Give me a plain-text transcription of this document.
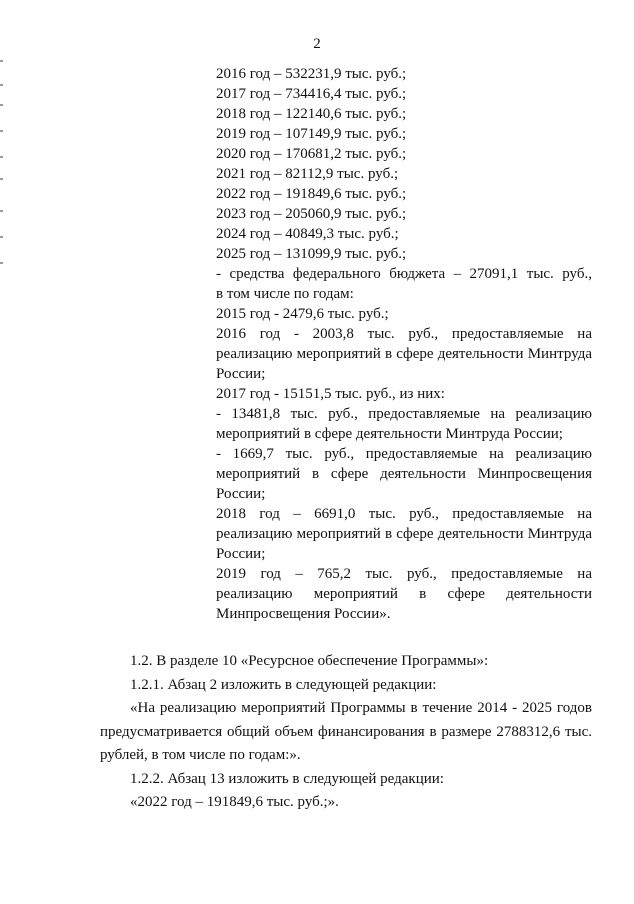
2
2016 год – 532231,9 тыс. руб.;
2017 год – 734416,4 тыс. руб.;
2018 год – 122140,6 тыс. руб.;
2019 год – 107149,9 тыс. руб.;
2020 год – 170681,2 тыс. руб.;
2021 год – 82112,9 тыс. руб.;
2022 год – 191849,6 тыс. руб.;
2023 год – 205060,9 тыс. руб.;
2024 год – 40849,3 тыс. руб.;
2025 год – 131099,9 тыс. руб.;
- средства федерального бюджета – 27091,1 тыс. руб.,
в том числе по годам:
2015 год - 2479,6 тыс. руб.;
2016 год - 2003,8 тыс. руб., предоставляемые на
реализацию мероприятий в сфере деятельности Минтруда
России;
2017 год - 15151,5 тыс. руб., из них:
- 13481,8 тыс. руб., предоставляемые на реализацию
мероприятий в сфере деятельности Минтруда России;
- 1669,7 тыс. руб., предоставляемые на реализацию
мероприятий в сфере деятельности Минпросвещения
России;
2018 год – 6691,0 тыс. руб., предоставляемые на
реализацию мероприятий в сфере деятельности Минтруда
России;
2019 год – 765,2 тыс. руб., предоставляемые на
реализацию мероприятий в сфере деятельности
Минпросвещения России».
1.2. В разделе 10 «Ресурсное обеспечение Программы»:
1.2.1. Абзац 2 изложить в следующей редакции:
«На реализацию мероприятий Программы в течение 2014 - 2025 годов
предусматривается общий объем финансирования в размере 2788312,6 тыс.
рублей, в том числе по годам:».
1.2.2. Абзац 13 изложить в следующей редакции:
«2022 год – 191849,6 тыс. руб.;».
